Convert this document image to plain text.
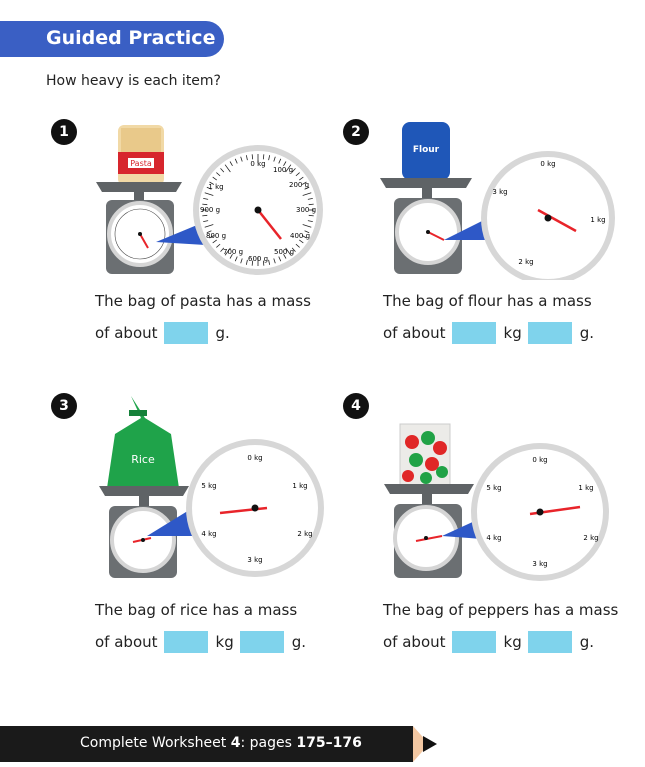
Guided Practice
How heavy is each item?
1
Pasta	0 kg
100 g
200 g
300 g
400 g
500 g
600 g
700 g
800 g
900 g
1 kg
The bag of pasta has a mass
of about	g.
2
Flour
0 kg
1 kg
2 kg
3 kg
The bag of flour has a mass
of about	kg	g.
3
Rice	0 kg
1 kg
2 kg
3 kg
4 kg
5 kg
The bag of rice has a mass
of about	kg	g.
4
0 kg
1 kg
2 kg
3 kg
4 kg
5 kg
The bag of peppers has a mass
of about	kg	g.
Complete Worksheet 4: pages 175–176
